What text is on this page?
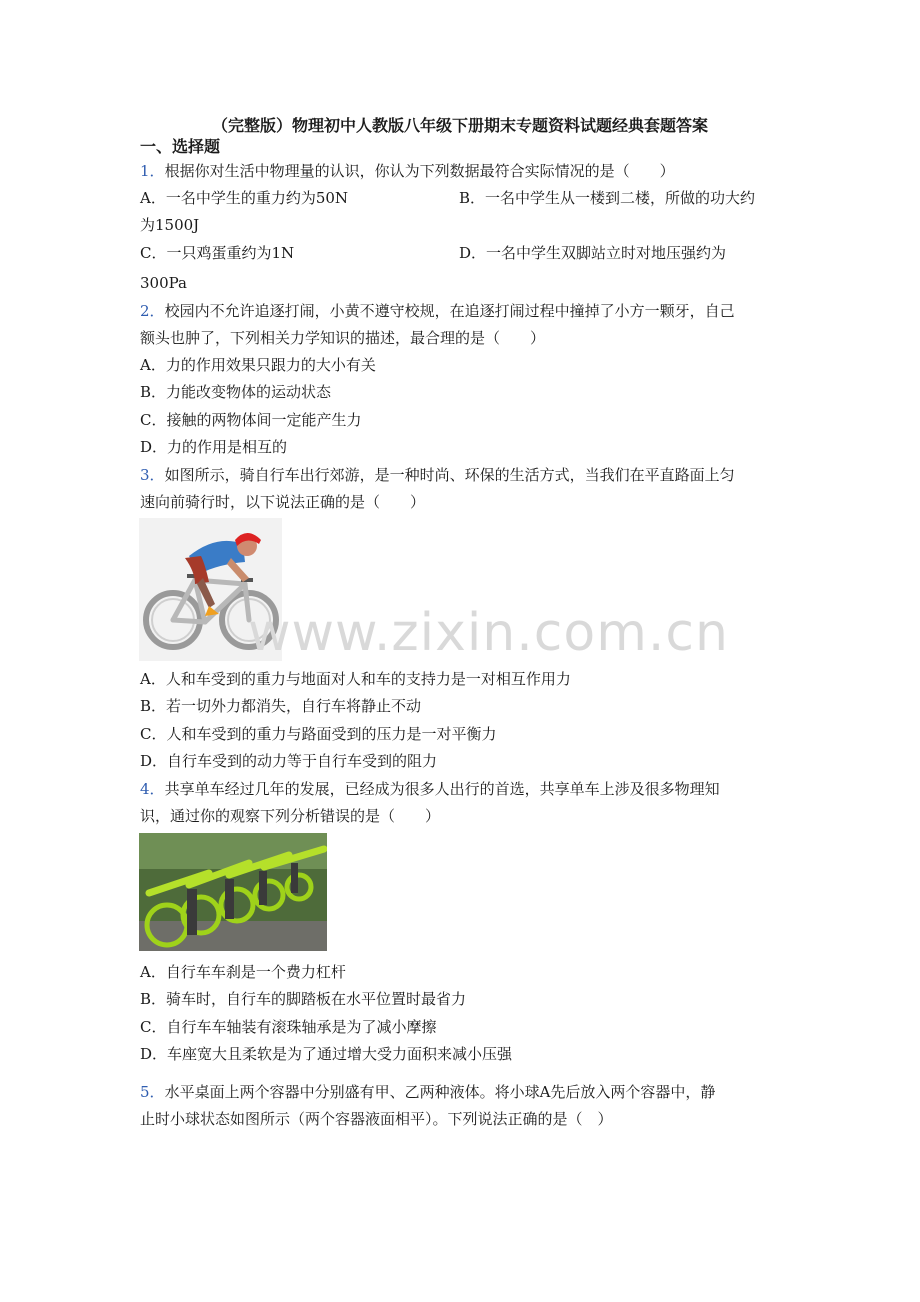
（完整版）物理初中人教版八年级下册期末专题资料试题经典套题答案
一、选择题
1．根据你对生活中物理量的认识，你认为下列数据最符合实际情况的是（　　）
A．一名中学生的重力约为50N	B．一名中学生从一楼到二楼，所做的功大约
为1500J
C．一只鸡蛋重约为1N	D．一名中学生双脚站立时对地压强约为
300Pa
2．校园内不允许追逐打闹，小黄不遵守校规，在追逐打闹过程中撞掉了小方一颗牙，自己
额头也肿了，下列相关力学知识的描述，最合理的是（　　）
A．力的作用效果只跟力的大小有关
B．力能改变物体的运动状态
C．接触的两物体间一定能产生力
D．力的作用是相互的
3．如图所示，骑自行车出行郊游，是一种时尚、环保的生活方式，当我们在平直路面上匀
速向前骑行时，以下说法正确的是（　　）
www.zixin.com.cn
A．人和车受到的重力与地面对人和车的支持力是一对相互作用力
B．若一切外力都消失，自行车将静止不动
C．人和车受到的重力与路面受到的压力是一对平衡力
D．自行车受到的动力等于自行车受到的阻力
4．共享单车经过几年的发展，已经成为很多人出行的首选，共享单车上涉及很多物理知
识，通过你的观察下列分析错误的是（　　）
A．自行车车刹是一个费力杠杆
B．骑车时，自行车的脚踏板在水平位置时最省力
C．自行车车轴装有滚珠轴承是为了减小摩擦
D．车座宽大且柔软是为了通过增大受力面积来减小压强
5．水平桌面上两个容器中分别盛有甲、乙两种液体。将小球A先后放入两个容器中，静
止时小球状态如图所示（两个容器液面相平）。下列说法正确的是（　）
